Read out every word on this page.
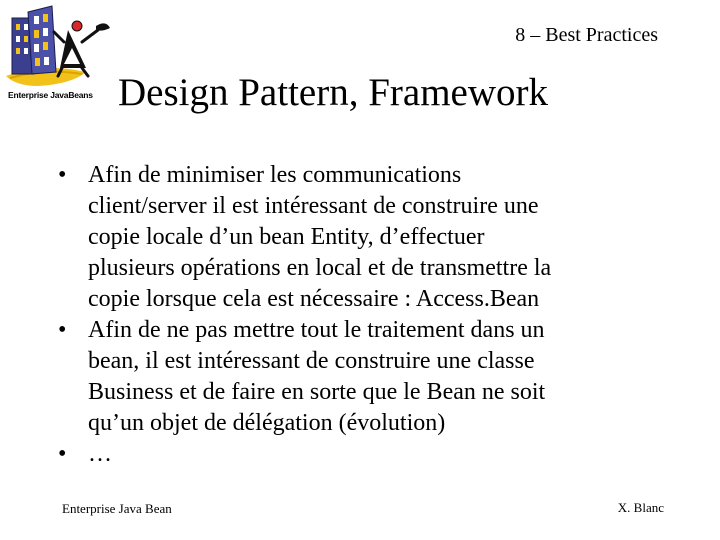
Enterprise JavaBeans
8 – Best Practices
Design Pattern, Framework
• Afin de minimiser les communications
client/server il est intéressant de construire une
copie locale d’un bean Entity, d’effectuer
plusieurs opérations en local et de transmettre la
copie lorsque cela est nécessaire : Access.Bean
• Afin de ne pas mettre tout le traitement dans un
bean, il est intéressant de construire une classe
Business et de faire en sorte que le Bean ne soit
qu’un objet de délégation (évolution)
• …
Enterprise Java Bean	X. Blanc
